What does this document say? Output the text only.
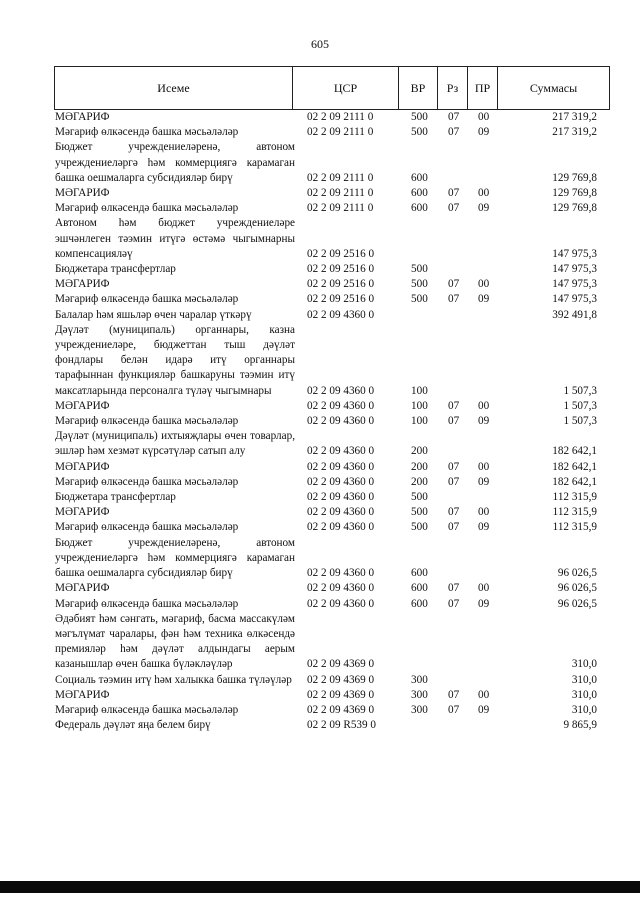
605
Исеме	ЦСР	ВР	Рз	ПР	Суммасы
МӘГАРИФ	02 2 09 2111 0	500 07 00	217 319,2
Мәгариф өлкәсендә башка мәсьәләләр	02 2 09 2111 0	500 07 09	217 319,2
Бюджет учреждениеләренә, автоном учреждениеләргә һәм коммерциягә карамаган башка оешмаларга субсидияләр бирү	02 2 09 2111 0	600	129 769,8
МӘГАРИФ	02 2 09 2111 0	600 07 00	129 769,8
Мәгариф өлкәсендә башка мәсьәләләр	02 2 09 2111 0	600 07 09	129 769,8
Автоном һәм бюджет учреждениеләре эшчәнлеген тәэмин итүгә өстәмә чыгымнарны компенсацияләү	02 2 09 2516 0	147 975,3
Бюджетара трансфертлар	02 2 09 2516 0	500	147 975,3
МӘГАРИФ	02 2 09 2516 0	500 07 00	147 975,3
Мәгариф өлкәсендә башка мәсьәләләр	02 2 09 2516 0	500 07 09	147 975,3
Балалар һәм яшьләр өчен чаралар үткәрү	02 2 09 4360 0	392 491,8
Дәүләт (муниципаль) органнары, казна учреждениеләре, бюджеттан тыш дәүләт фондлары белән идарә итү органнары тарафыннан функцияләр башкаруны тәэмин итү максатларында персоналга түләү чыгымнары	02 2 09 4360 0	100	1 507,3
МӘГАРИФ	02 2 09 4360 0	100 07 00	1 507,3
Мәгариф өлкәсендә башка мәсьәләләр	02 2 09 4360 0	100 07 09	1 507,3
Дәүләт (муниципаль) ихтыяҗлары өчен товарлар, эшләр һәм хезмәт күрсәтүләр сатып алу	02 2 09 4360 0	200	182 642,1
МӘГАРИФ	02 2 09 4360 0	200 07 00	182 642,1
Мәгариф өлкәсендә башка мәсьәләләр	02 2 09 4360 0	200 07 09	182 642,1
Бюджетара трансфертлар	02 2 09 4360 0	500	112 315,9
МӘГАРИФ	02 2 09 4360 0	500 07 00	112 315,9
Мәгариф өлкәсендә башка мәсьәләләр	02 2 09 4360 0	500 07 09	112 315,9
Бюджет учреждениеләренә, автоном учреждениеләргә һәм коммерциягә карамаган башка оешмаларга субсидияләр бирү	02 2 09 4360 0	600	96 026,5
МӘГАРИФ	02 2 09 4360 0	600 07 00	96 026,5
Мәгариф өлкәсендә башка мәсьәләләр	02 2 09 4360 0	600 07 09	96 026,5
Әдәбият һәм сәнгать, мәгариф, басма массакүләм мәгълүмат чаралары, фән һәм техника өлкәсендә премияләр һәм дәүләт алдындагы аерым казанышлар өчен башка бүләкләүләр	02 2 09 4369 0	310,0
Социаль тәэмин итү һәм халыкка башка түләүләр 02 2 09 4369 0	300	310,0
МӘГАРИФ	02 2 09 4369 0	300 07 00	310,0
Мәгариф өлкәсендә башка мәсьәләләр	02 2 09 4369 0	300 07 09	310,0
Федераль дәүләт яңа белем бирү	02 2 09 R539 0	9 865,9
